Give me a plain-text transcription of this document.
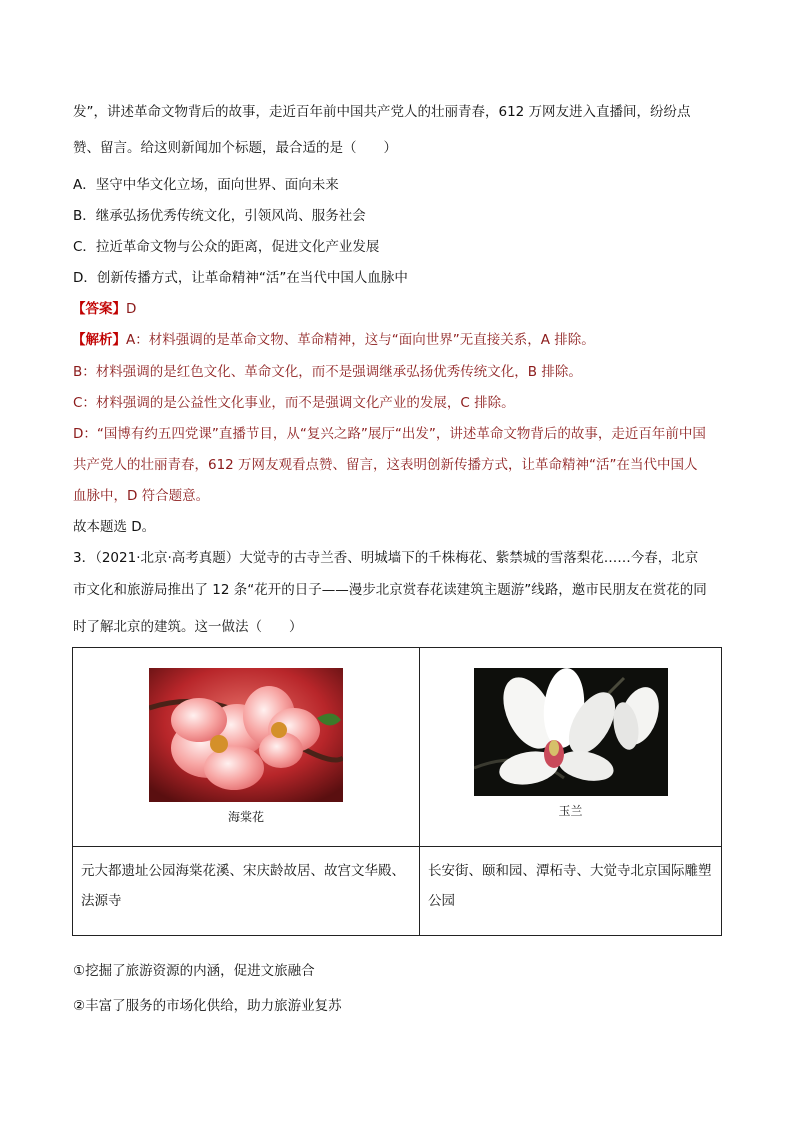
发”，讲述革命文物背后的故事，走近百年前中国共产党人的壮丽青春，612 万网友进入直播间，纷纷点
赞、留言。给这则新闻加个标题，最合适的是（　　）
A．坚守中华文化立场，面向世界、面向未来
B．继承弘扬优秀传统文化，引领风尚、服务社会
C．拉近革命文物与公众的距离，促进文化产业发展
D．创新传播方式，让革命精神“活”在当代中国人血脉中
【答案】D
【解析】A：材料强调的是革命文物、革命精神，这与“面向世界”无直接关系，A 排除。
B：材料强调的是红色文化、革命文化，而不是强调继承弘扬优秀传统文化，B 排除。
C：材料强调的是公益性文化事业，而不是强调文化产业的发展，C 排除。
D：“国博有约五四党课”直播节目，从“复兴之路”展厅“出发”，讲述革命文物背后的故事，走近百年前中国
共产党人的壮丽青春，612 万网友观看点赞、留言，这表明创新传播方式，让革命精神“活”在当代中国人
血脉中，D 符合题意。
故本题选 D。
3．（2021·北京·高考真题）大觉寺的古寺兰香、明城墙下的千株梅花、紫禁城的雪落梨花……今春，北京
市文化和旅游局推出了 12 条“花开的日子——漫步北京赏春花读建筑主题游”线路，邀市民朋友在赏花的同
时了解北京的建筑。这一做法（　　）
海棠花	玉兰

元大都遗址公园海棠花溪、宋庆龄故居、故宫文华殿、法源寺	长安街、颐和园、潭柘寺、大觉寺北京国际雕塑公园
①挖掘了旅游资源的内涵，促进文旅融合
②丰富了服务的市场化供给，助力旅游业复苏
